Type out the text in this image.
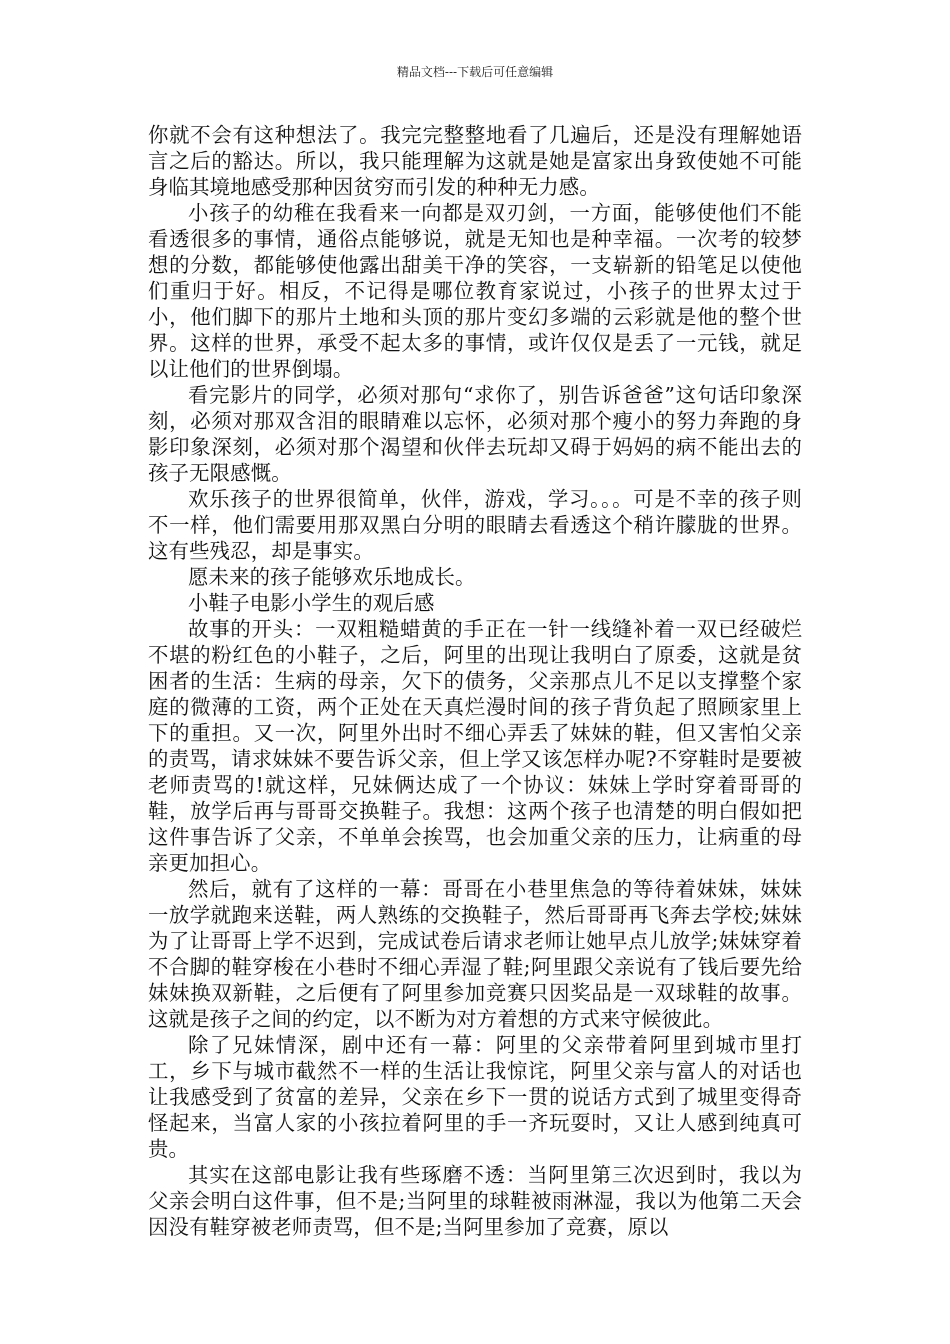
精品文档---下载后可任意编辑

你就不会有这种想法了。我完完整整地看了几遍后，还是没有理解她语言之后的豁达。所以，我只能理解为这就是她是富家出身致使她不可能身临其境地感受那种因贫穷而引发的种种无力感。

小孩子的幼稚在我看来一向都是双刃剑，一方面，能够使他们不能看透很多的事情，通俗点能够说，就是无知也是种幸福。一次考的较梦想的分数，都能够使他露出甜美干净的笑容，一支崭新的铅笔足以使他们重归于好。相反，不记得是哪位教育家说过，小孩子的世界太过于小，他们脚下的那片土地和头顶的那片变幻多端的云彩就是他的整个世界。这样的世界，承受不起太多的事情，或许仅仅是丢了一元钱，就足以让他们的世界倒塌。

看完影片的同学，必须对那句“求你了，别告诉爸爸”这句话印象深刻，必须对那双含泪的眼睛难以忘怀，必须对那个瘦小的努力奔跑的身影印象深刻，必须对那个渴望和伙伴去玩却又碍于妈妈的病不能出去的孩子无限感慨。

欢乐孩子的世界很简单，伙伴，游戏，学习。。。可是不幸的孩子则不一样，他们需要用那双黑白分明的眼睛去看透这个稍许朦胧的世界。这有些残忍，却是事实。

愿未来的孩子能够欢乐地成长。

小鞋子电影小学生的观后感

故事的开头：一双粗糙蜡黄的手正在一针一线缝补着一双已经破烂不堪的粉红色的小鞋子，之后，阿里的出现让我明白了原委，这就是贫困者的生活：生病的母亲，欠下的债务，父亲那点儿不足以支撑整个家庭的微薄的工资，两个正处在天真烂漫时间的孩子背负起了照顾家里上下的重担。又一次，阿里外出时不细心弄丢了妹妹的鞋，但又害怕父亲的责骂，请求妹妹不要告诉父亲，但上学又该怎样办呢?不穿鞋时是要被老师责骂的!就这样，兄妹俩达成了一个协议：妹妹上学时穿着哥哥的鞋，放学后再与哥哥交换鞋子。我想：这两个孩子也清楚的明白假如把这件事告诉了父亲，不单单会挨骂，也会加重父亲的压力，让病重的母亲更加担心。

然后，就有了这样的一幕：哥哥在小巷里焦急的等待着妹妹，妹妹一放学就跑来送鞋，两人熟练的交换鞋子，然后哥哥再飞奔去学校;妹妹为了让哥哥上学不迟到，完成试卷后请求老师让她早点儿放学;妹妹穿着不合脚的鞋穿梭在小巷时不细心弄湿了鞋;阿里跟父亲说有了钱后要先给妹妹换双新鞋，之后便有了阿里参加竞赛只因奖品是一双球鞋的故事。这就是孩子之间的约定，以不断为对方着想的方式来守候彼此。

除了兄妹情深，剧中还有一幕：阿里的父亲带着阿里到城市里打工，乡下与城市截然不一样的生活让我惊诧，阿里父亲与富人的对话也让我感受到了贫富的差异，父亲在乡下一贯的说话方式到了城里变得奇怪起来，当富人家的小孩拉着阿里的手一齐玩耍时，又让人感到纯真可贵。

其实在这部电影让我有些琢磨不透：当阿里第三次迟到时，我以为父亲会明白这件事，但不是;当阿里的球鞋被雨淋湿，我以为他第二天会因没有鞋穿被老师责骂，但不是;当阿里参加了竞赛，原以
